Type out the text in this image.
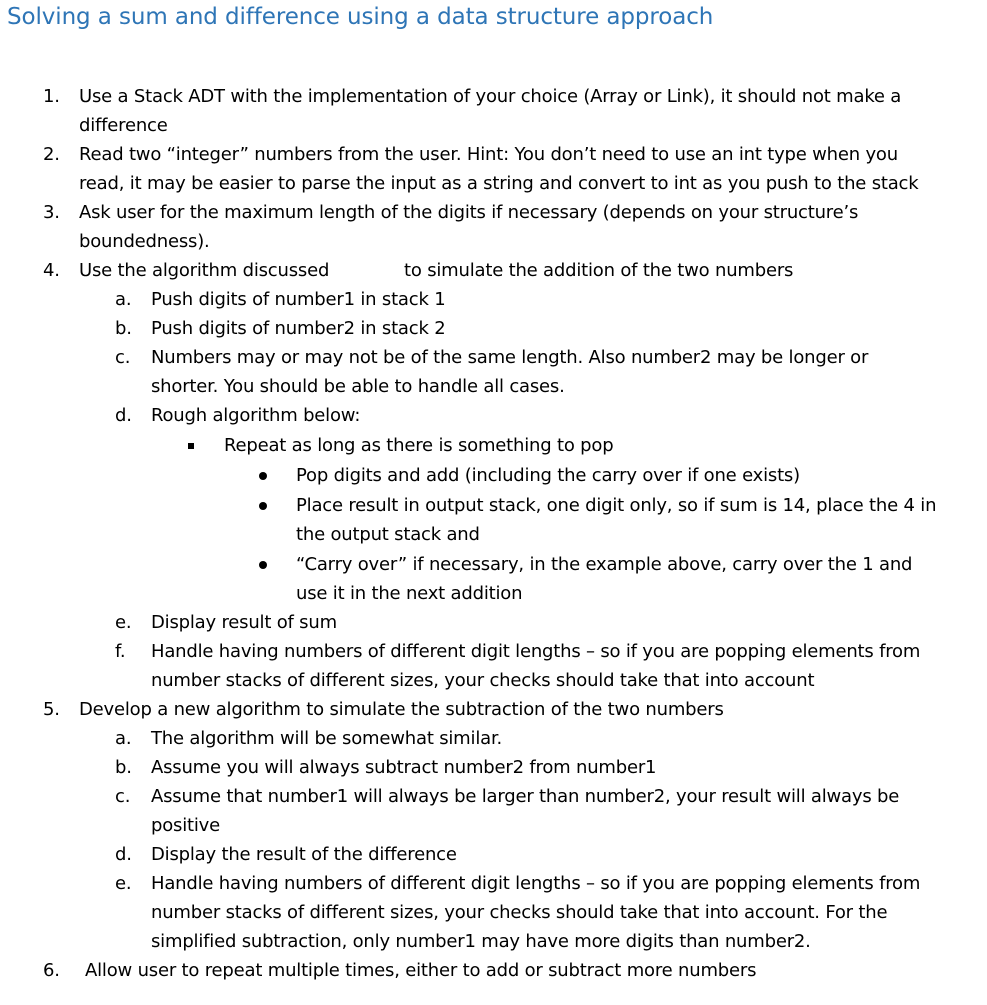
Solving a sum and difference using a data structure approach
1. Use a Stack ADT with the implementation of your choice (Array or Link), it should not make a
difference
2. Read two “integer” numbers from the user. Hint: You don’t need to use an int type when you
read, it may be easier to parse the input as a string and convert to int as you push to the stack
3. Ask user for the maximum length of the digits if necessary (depends on your structure’s
boundedness).
4. Use the algorithm discussed	to simulate the addition of the two numbers
a. Push digits of number1 in stack 1
b. Push digits of number2 in stack 2
c. Numbers may or may not be of the same length. Also number2 may be longer or
shorter. You should be able to handle all cases.
d. Rough algorithm below:
Repeat as long as there is something to pop
Pop digits and add (including the carry over if one exists)
Place result in output stack, one digit only, so if sum is 14, place the 4 in
the output stack and
“Carry over” if necessary, in the example above, carry over the 1 and
use it in the next addition
e. Display result of sum
f. Handle having numbers of different digit lengths – so if you are popping elements from
number stacks of different sizes, your checks should take that into account
5. Develop a new algorithm to simulate the subtraction of the two numbers
a. The algorithm will be somewhat similar.
b. Assume you will always subtract number2 from number1
c. Assume that number1 will always be larger than number2, your result will always be
positive
d. Display the result of the difference
e. Handle having numbers of different digit lengths – so if you are popping elements from
number stacks of different sizes, your checks should take that into account. For the
simplified subtraction, only number1 may have more digits than number2.
6. Allow user to repeat multiple times, either to add or subtract more numbers
